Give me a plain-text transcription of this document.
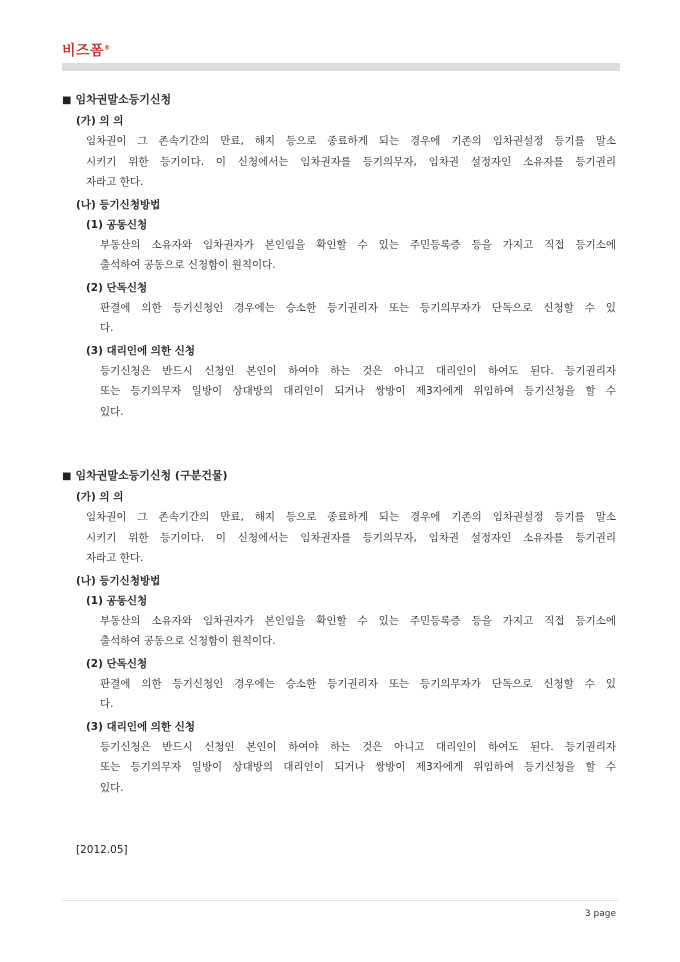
비즈폼®
■ 임차권말소등기신청
(가) 의 의
임차권이 그 존속기간의 만료, 해지 등으로 종료하게 되는 경우에 기존의 임차권설정 등기를 말소
시키기 위한 등기이다. 이 신청에서는 임차권자를 등기의무자, 임차권 설정자인 소유자를 등기권리
자라고 한다.
(나) 등기신청방법
(1) 공동신청
부동산의 소유자와 임차권자가 본인임을 확인할 수 있는 주민등록증 등을 가지고 직접 등기소에
출석하여 공동으로 신청함이 원칙이다.
(2) 단독신청
판결에 의한 등기신청인 경우에는 승소한 등기권리자 또는 등기의무자가 단독으로 신청할 수 있
다.
(3) 대리인에 의한 신청
등기신청은 반드시 신청인 본인이 하여야 하는 것은 아니고 대리인이 하여도 된다. 등기권리자
또는 등기의무자 일방이 상대방의 대리인이 되거나 쌍방이 제3자에게 위임하여 등기신청을 할 수
있다.
■ 임차권말소등기신청 (구분건물)
(가) 의 의
임차권이 그 존속기간의 만료, 해지 등으로 종료하게 되는 경우에 기존의 임차권설정 등기를 말소
시키기 위한 등기이다. 이 신청에서는 임차권자를 등기의무자, 임차권 설정자인 소유자를 등기권리
자라고 한다.
(나) 등기신청방법
(1) 공동신청
부동산의 소유자와 임차권자가 본인임을 확인할 수 있는 주민등록증 등을 가지고 직접 등기소에
출석하여 공동으로 신청함이 원칙이다.
(2) 단독신청
판결에 의한 등기신청인 경우에는 승소한 등기권리자 또는 등기의무자가 단독으로 신청할 수 있
다.
(3) 대리인에 의한 신청
등기신청은 반드시 신청인 본인이 하여야 하는 것은 아니고 대리인이 하여도 된다. 등기권리자
또는 등기의무자 일방이 상대방의 대리인이 되거나 쌍방이 제3자에게 위임하여 등기신청을 할 수
있다.
[2012.05]
3 page
